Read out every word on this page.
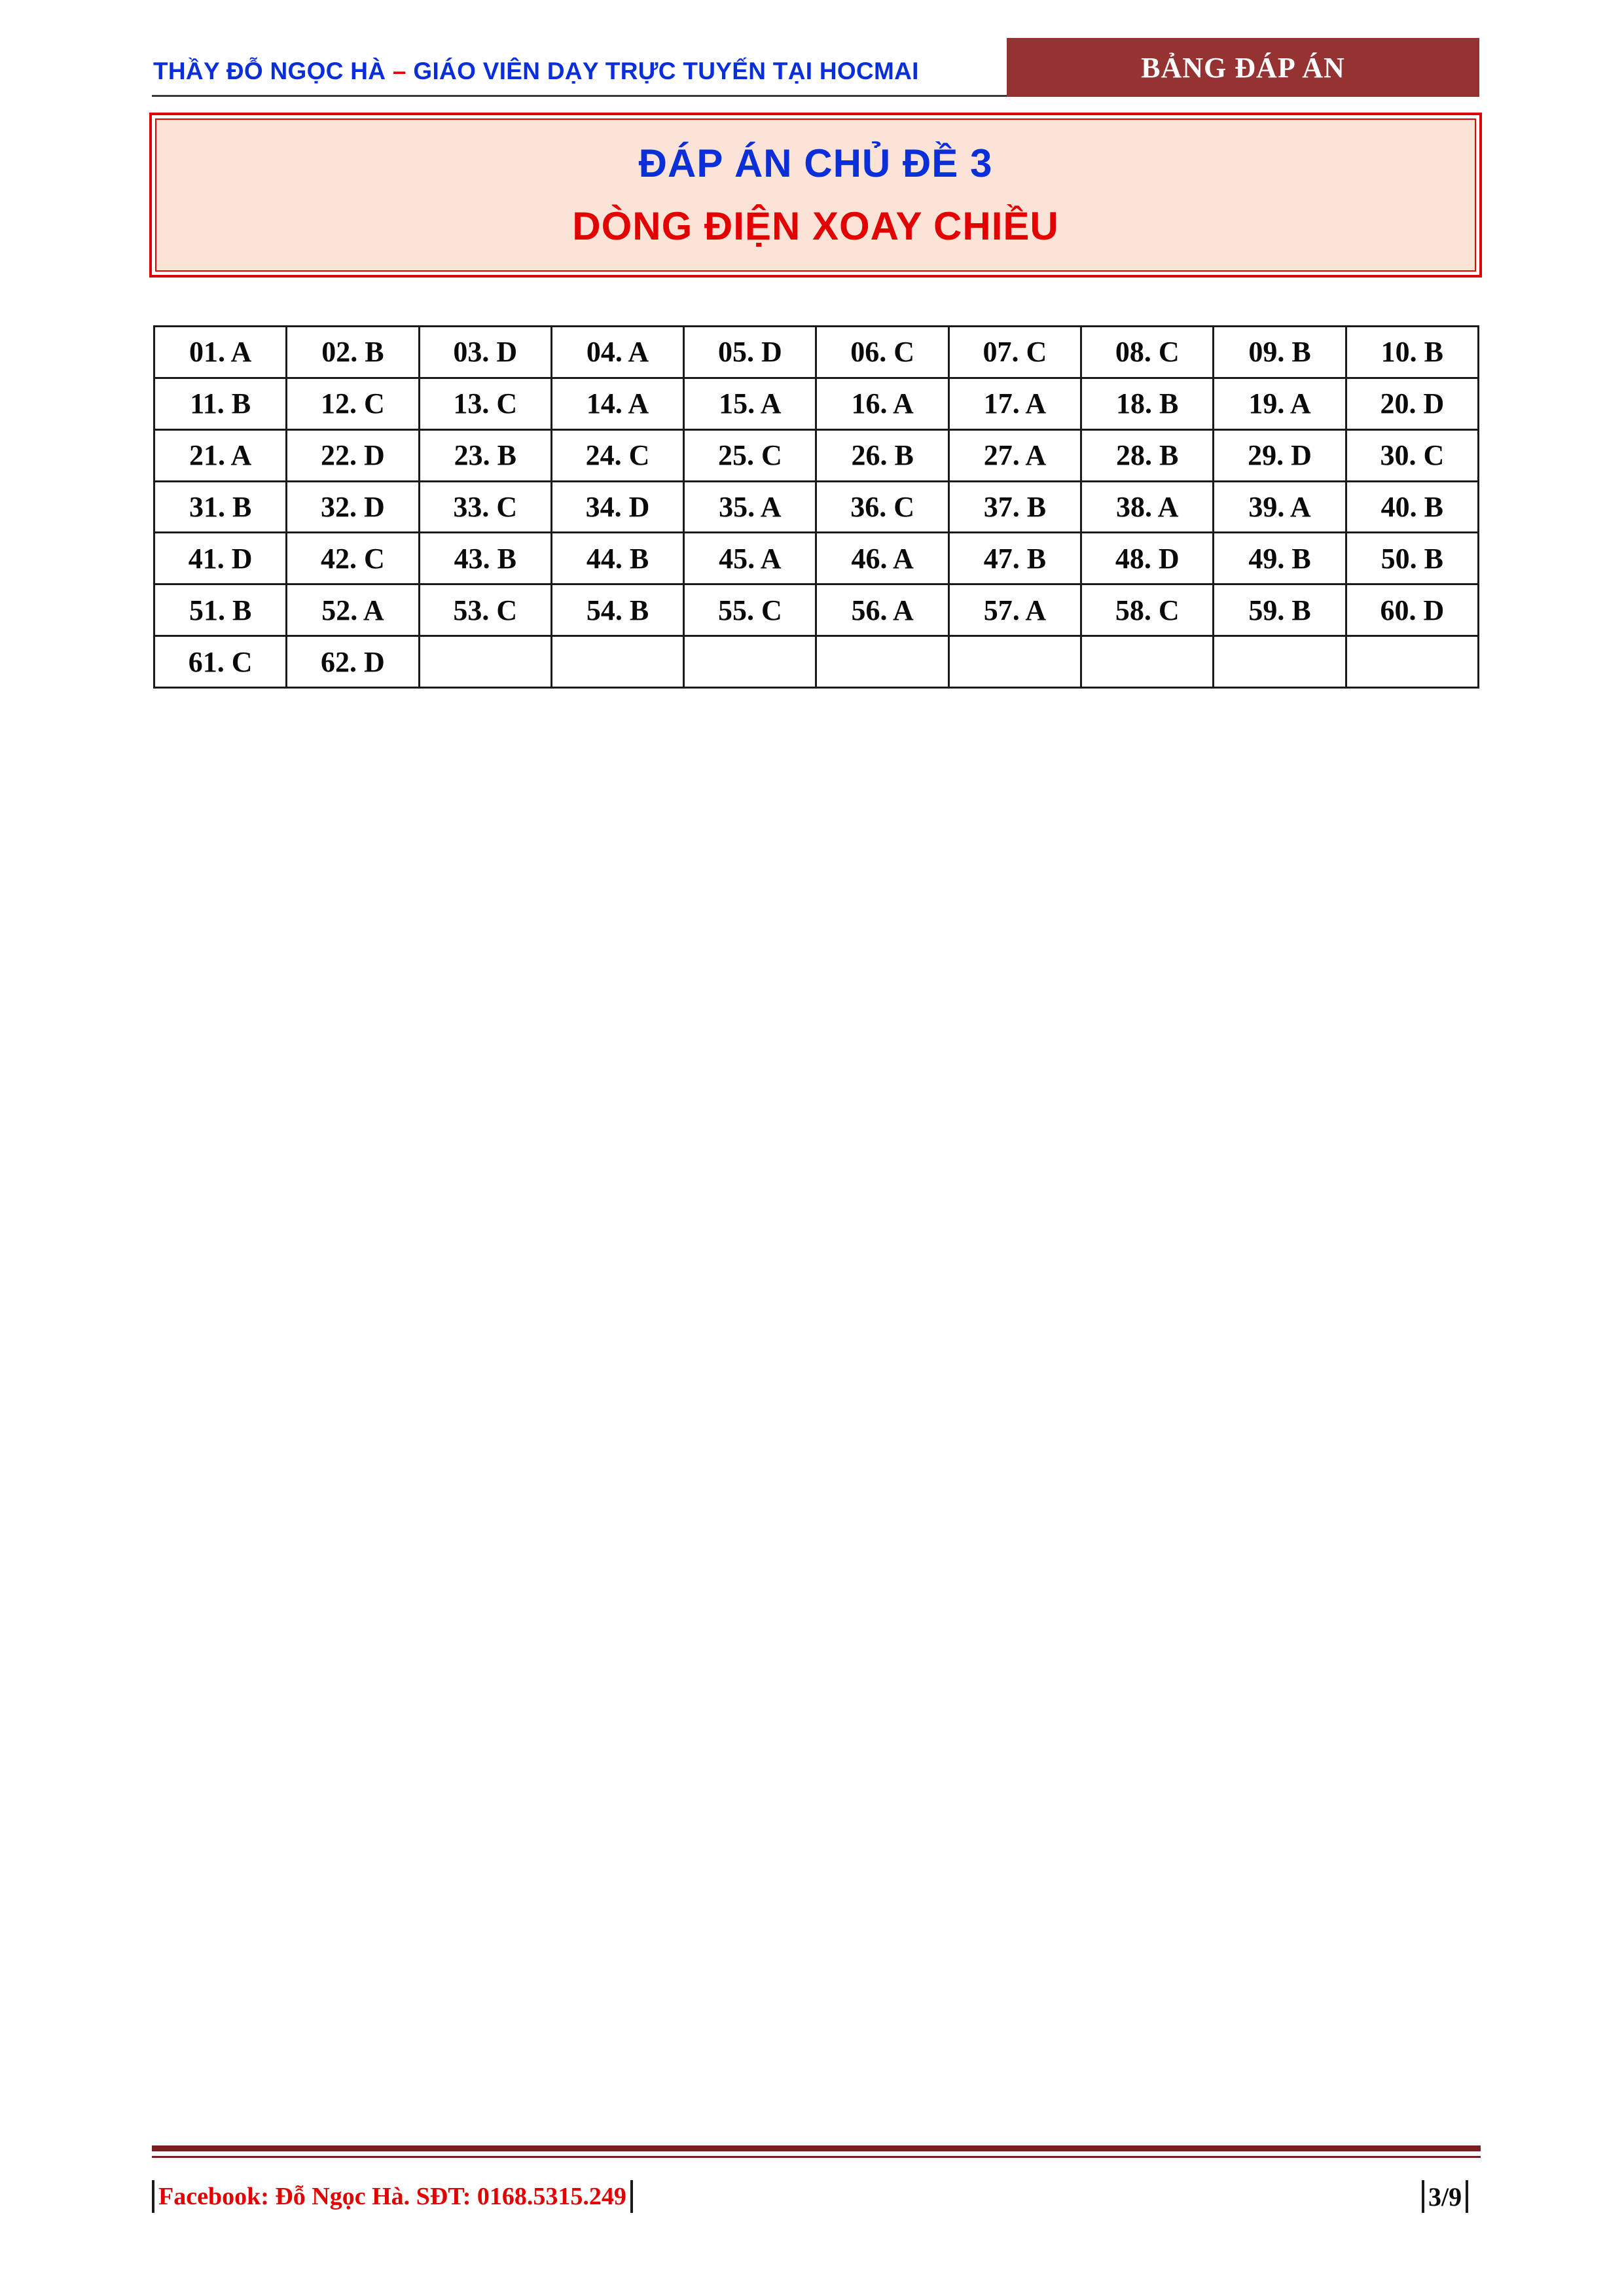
THẦY ĐỖ NGỌC HÀ – GIÁO VIÊN DẠY TRỰC TUYẾN TẠI HOCMAI	BẢNG ĐÁP ÁN
ĐÁP ÁN CHỦ ĐỀ 3
DÒNG ĐIỆN XOAY CHIỀU
01. A	02. B	03. D	04. A	05. D	06. C	07. C	08. C	09. B	10. B
11. B	12. C	13. C	14. A	15. A	16. A	17. A	18. B	19. A	20. D
21. A	22. D	23. B	24. C	25. C	26. B	27. A	28. B	29. D	30. C
31. B	32. D	33. C	34. D	35. A	36. C	37. B	38. A	39. A	40. B
41. D	42. C	43. B	44. B	45. A	46. A	47. B	48. D	49. B	50. B
51. B	52. A	53. C	54. B	55. C	56. A	57. A	58. C	59. B	60. D
61. C	62. D								
Facebook: Đỗ Ngọc Hà. SĐT: 0168.5315.249	3/9
